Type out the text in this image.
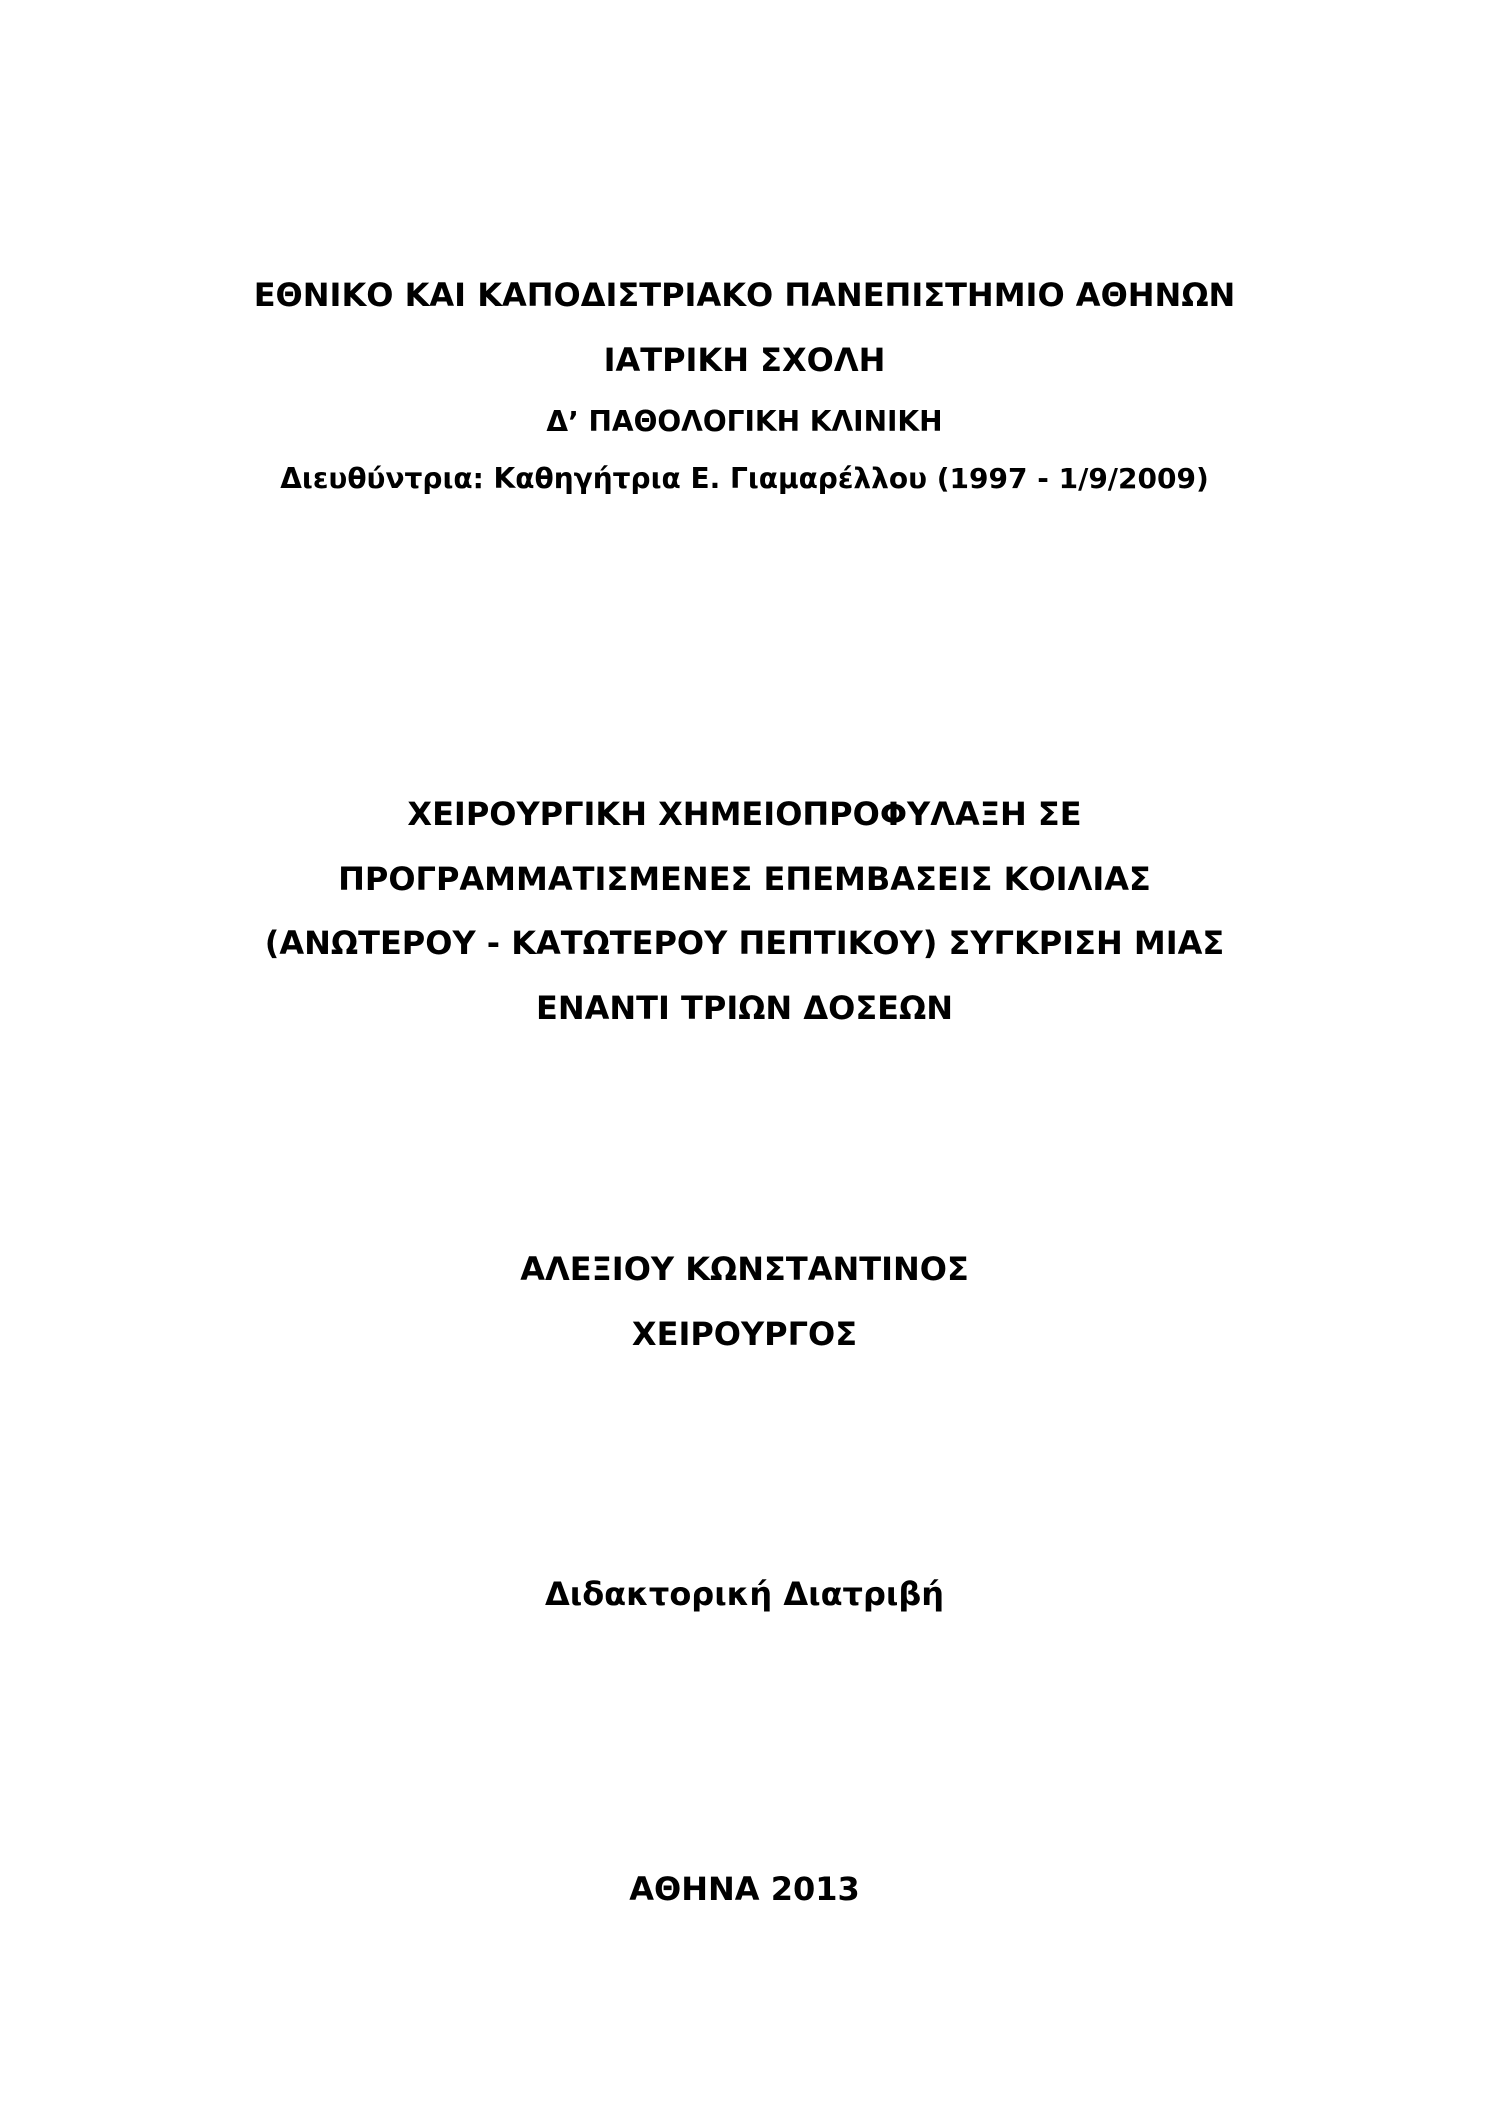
ΕΘΝΙΚΟ ΚΑΙ ΚΑΠΟΔΙΣΤΡΙΑΚΟ ΠΑΝΕΠΙΣΤΗΜΙΟ ΑΘΗΝΩΝ
ΙΑΤΡΙΚΗ ΣΧΟΛΗ
Δ’ ΠΑΘΟΛΟΓΙΚΗ ΚΛΙΝΙΚΗ
Διευθύντρια: Καθηγήτρια Ε. Γιαμαρέλλου (1997 - 1/9/2009)
ΧΕΙΡΟΥΡΓΙΚΗ ΧΗΜΕΙΟΠΡΟΦΥΛΑΞΗ ΣΕ
ΠΡΟΓΡΑΜΜΑΤΙΣΜΕΝΕΣ ΕΠΕΜΒΑΣΕΙΣ ΚΟΙΛΙΑΣ
(ΑΝΩΤΕΡΟΥ - ΚΑΤΩΤΕΡΟΥ ΠΕΠΤΙΚΟΥ) ΣΥΓΚΡΙΣΗ ΜΙΑΣ
ΕΝΑΝΤΙ ΤΡΙΩΝ ΔΟΣΕΩΝ
ΑΛΕΞΙΟΥ ΚΩΝΣΤΑΝΤΙΝΟΣ
ΧΕΙΡΟΥΡΓΟΣ
Διδακτορική Διατριβή
ΑΘΗΝΑ 2013
